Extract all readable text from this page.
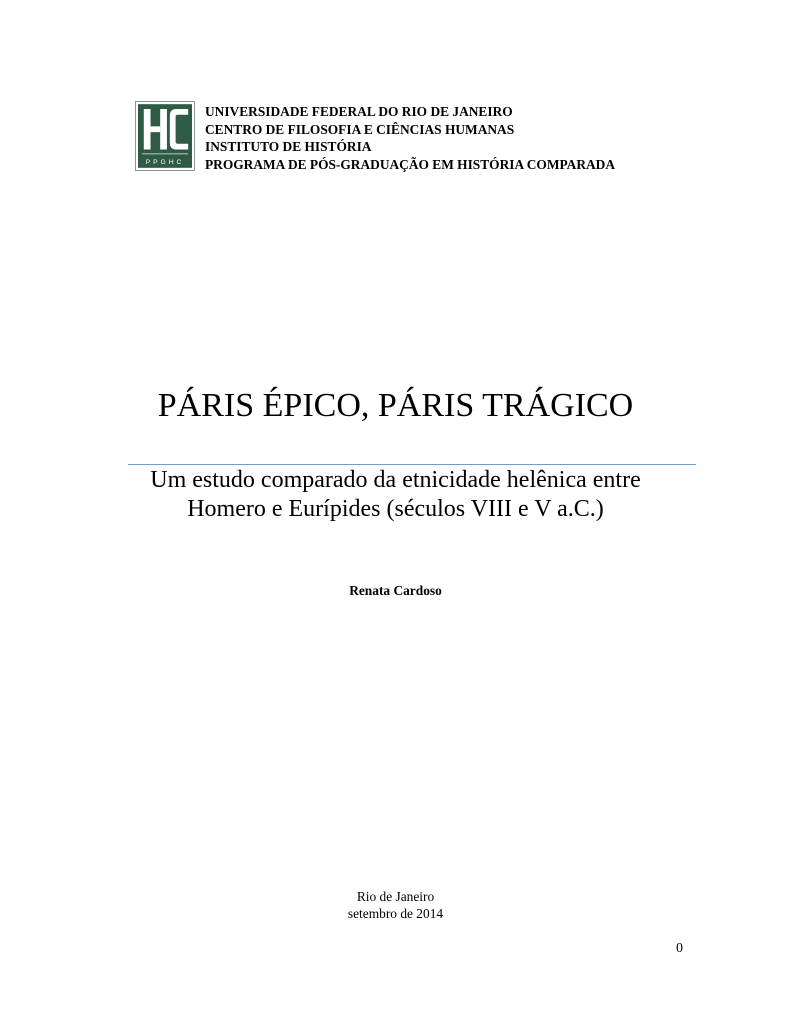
PPGHC
UNIVERSIDADE FEDERAL DO RIO DE JANEIRO
CENTRO DE FILOSOFIA E CIÊNCIAS HUMANAS
INSTITUTO DE HISTÓRIA
PROGRAMA DE PÓS-GRADUAÇÃO EM HISTÓRIA COMPARADA
PÁRIS ÉPICO, PÁRIS TRÁGICO
Um estudo comparado da etnicidade helênica entre
Homero e Eurípides (séculos VIII e V a.C.)
Renata Cardoso
Rio de Janeiro
setembro de 2014
0
